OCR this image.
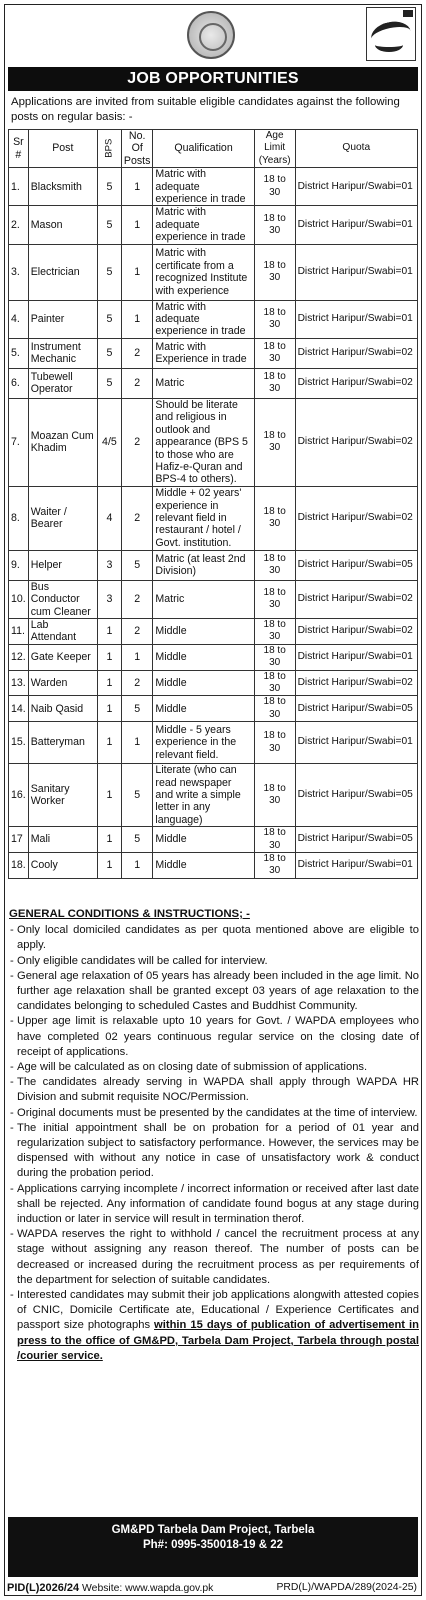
JOB OPPORTUNITIES
Applications are invited from suitable eligible candidates against the following posts on regular basis: -
Sr #	Post	BPS	No. Of Posts	Qualification	Age Limit (Years)	Quota
1.	Blacksmith	5	1	Matric with adequate experience in trade	18 to 30	District Haripur/Swabi=01
2.	Mason	5	1	Matric with adequate experience in trade	18 to 30	District Haripur/Swabi=01
3.	Electrician	5	1	Matric with certificate from a recognized Institute with experience	18 to 30	District Haripur/Swabi=01
4.	Painter	5	1	Matric with adequate experience in trade	18 to 30	District Haripur/Swabi=01
5.	Instrument Mechanic	5	2	Matric with Experience in trade	18 to 30	District Haripur/Swabi=02
6.	Tubewell Operator	5	2	Matric	18 to 30	District Haripur/Swabi=02
7.	Moazan Cum Khadim	4/5	2	Should be literate and religious in outlook and appearance (BPS 5 to those who are Hafiz-e-Quran and BPS-4 to others).	18 to 30	District Haripur/Swabi=02
8.	Waiter / Bearer	4	2	Middle + 02 years' experience in relevant field in restaurant / hotel / Govt. institution.	18 to 30	District Haripur/Swabi=02
9.	Helper	3	5	Matric (at least 2nd Division)	18 to 30	District Haripur/Swabi=05
10.	Bus Conductor cum Cleaner	3	2	Matric	18 to 30	District Haripur/Swabi=02
11.	Lab Attendant	1	2	Middle	18 to 30	District Haripur/Swabi=02
12.	Gate Keeper	1	1	Middle	18 to 30	District Haripur/Swabi=01
13.	Warden	1	2	Middle	18 to 30	District Haripur/Swabi=02
14.	Naib Qasid	1	5	Middle	18 to 30	District Haripur/Swabi=05
15.	Batteryman	1	1	Middle - 5 years experience in the relevant field.	18 to 30	District Haripur/Swabi=01
16.	Sanitary Worker	1	5	Literate (who can read newspaper and write a simple letter in any language)	18 to 30	District Haripur/Swabi=05
17	Mali	1	5	Middle	18 to 30	District Haripur/Swabi=05
18.	Cooly	1	1	Middle	18 to 30	District Haripur/Swabi=01
GENERAL CONDITIONS & INSTRUCTIONS; -
- Only local domiciled candidates as per quota mentioned above are eligible to apply.
- Only eligible candidates will be called for interview.
- General age relaxation of 05 years has already been included in the age limit. No further age relaxation shall be granted except 03 years of age relaxation to the candidates belonging to scheduled Castes and Buddhist Community.
- Upper age limit is relaxable upto 10 years for Govt. / WAPDA employees who have completed 02 years continuous regular service on the closing date of receipt of applications.
- Age will be calculated as on closing date of submission of applications.
- The candidates already serving in WAPDA shall apply through WAPDA HR Division and submit requisite NOC/Permission.
- Original documents must be presented by the candidates at the time of interview.
- The initial appointment shall be on probation for a period of 01 year and regularization subject to satisfactory performance. However, the services may be dispensed with without any notice in case of unsatisfactory work & conduct during the probation period.
- Applications carrying incomplete / incorrect information or received after last date shall be rejected. Any information of candidate found bogus at any stage during induction or later in service will result in termination therof.
- WAPDA reserves the right to withhold / cancel the recruitment process at any stage without assigning any reason thereof. The number of posts can be decreased or increased during the recruitment process as per requirements of the department for selection of suitable candidates.
- Interested candidates may submit their job applications alongwith attested copies of CNIC, Domicile Certificate ate, Educational / Experience Certificates and passport size photographs within 15 days of publication of advertisement in press to the office of GM&PD, Tarbela Dam Project, Tarbela through postal /courier service.
GM&PD Tarbela Dam Project, Tarbela
Ph#: 0995-350018-19 & 22
PID(L)2026/24 Website: www.wapda.gov.pk	PRD(L)/WAPDA/289(2024-25)
